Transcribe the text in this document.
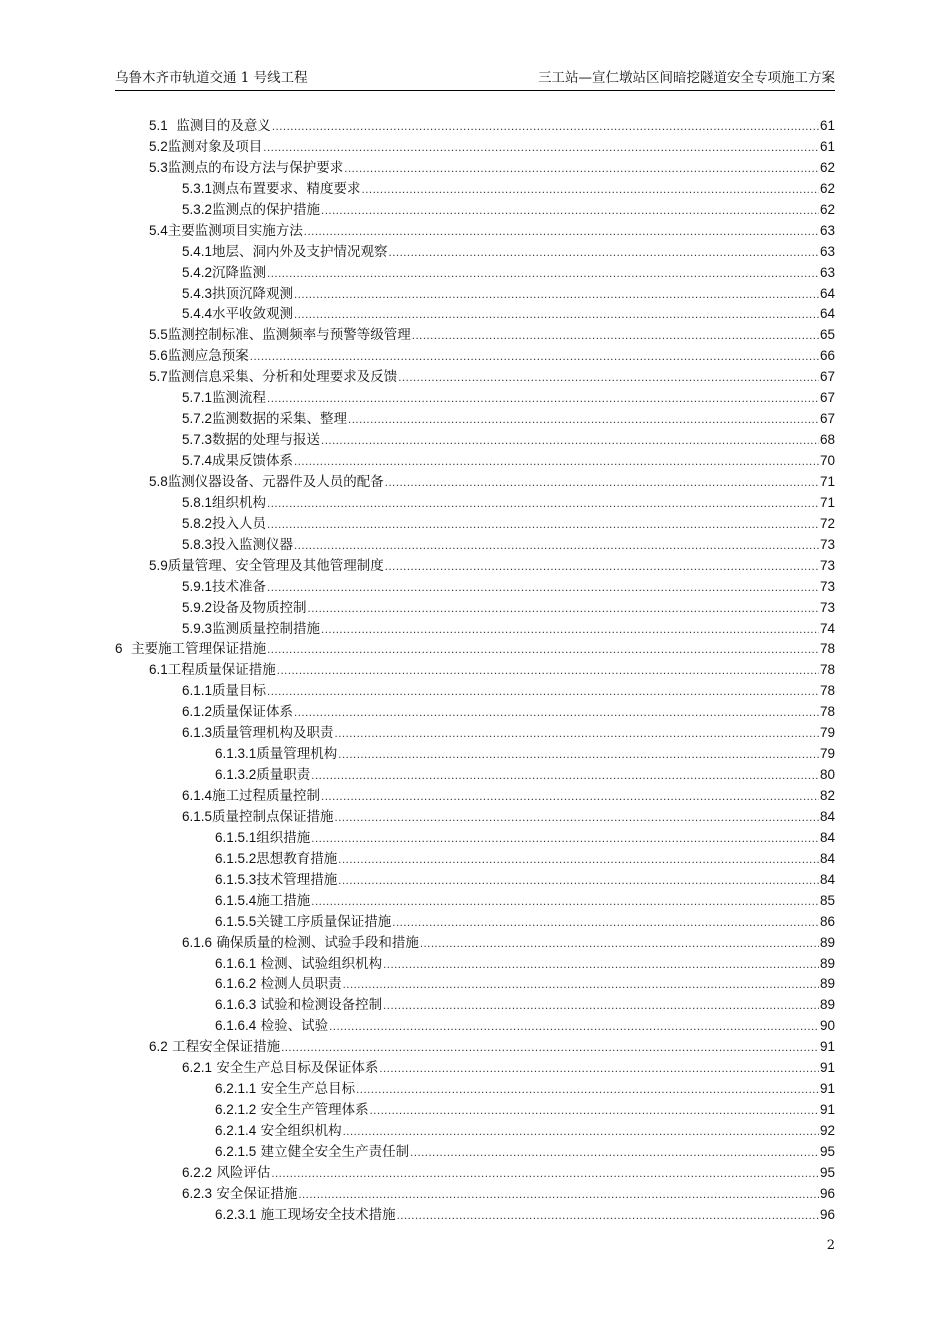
乌鲁木齐市轨道交通 1 号线工程	三工站—宣仁墩站区间暗挖隧道安全专项施工方案
5.1  监测目的及意义 .....	61
5.2监测对象及项目 .....	61
5.3监测点的布设方法与保护要求 .....	62
5.3.1测点布置要求、精度要求 .....	62
5.3.2监测点的保护措施 .....	62
5.4主要监测项目实施方法 .....	63
5.4.1地层、洞内外及支护情况观察 .....	63
5.4.2沉降监测 .....	63
5.4.3拱顶沉降观测 .....	64
5.4.4水平收敛观测 .....	64
5.5监测控制标准、监测频率与预警等级管理 .....	65
5.6监测应急预案 .....	66
5.7监测信息采集、分析和处理要求及反馈 .....	67
5.7.1监测流程 .....	67
5.7.2监测数据的采集、整理 .....	67
5.7.3数据的处理与报送 .....	68
5.7.4成果反馈体系 .....	70
5.8监测仪器设备、元器件及人员的配备 .....	71
5.8.1组织机构 .....	71
5.8.2投入人员 .....	72
5.8.3投入监测仪器 .....	73
5.9质量管理、安全管理及其他管理制度 .....	73
5.9.1技术准备 .....	73
5.9.2设备及物质控制 .....	73
5.9.3监测质量控制措施 .....	74
6  主要施工管理保证措施 .....	78
6.1工程质量保证措施 .....	78
6.1.1质量目标 .....	78
6.1.2质量保证体系 .....	78
6.1.3质量管理机构及职责 .....	79
6.1.3.1质量管理机构 .....	79
6.1.3.2质量职责 .....	80
6.1.4施工过程质量控制 .....	82
6.1.5质量控制点保证措施 .....	84
6.1.5.1组织措施 .....	84
6.1.5.2思想教育措施 .....	84
6.1.5.3技术管理措施 .....	84
6.1.5.4施工措施 .....	85
6.1.5.5关键工序质量保证措施 .....	86
6.1.6 确保质量的检测、试验手段和措施 .....	89
6.1.6.1 检测、试验组织机构 .....	89
6.1.6.2 检测人员职责 .....	89
6.1.6.3 试验和检测设备控制 .....	89
6.1.6.4 检验、试验 .....	90
6.2 工程安全保证措施 .....	91
6.2.1 安全生产总目标及保证体系 .....	91
6.2.1.1 安全生产总目标 .....	91
6.2.1.2 安全生产管理体系 .....	91
6.2.1.4 安全组织机构 .....	92
6.2.1.5 建立健全安全生产责任制 .....	95
6.2.2 风险评估 .....	95
6.2.3 安全保证措施 .....	96
6.2.3.1 施工现场安全技术措施 .....	96
2
